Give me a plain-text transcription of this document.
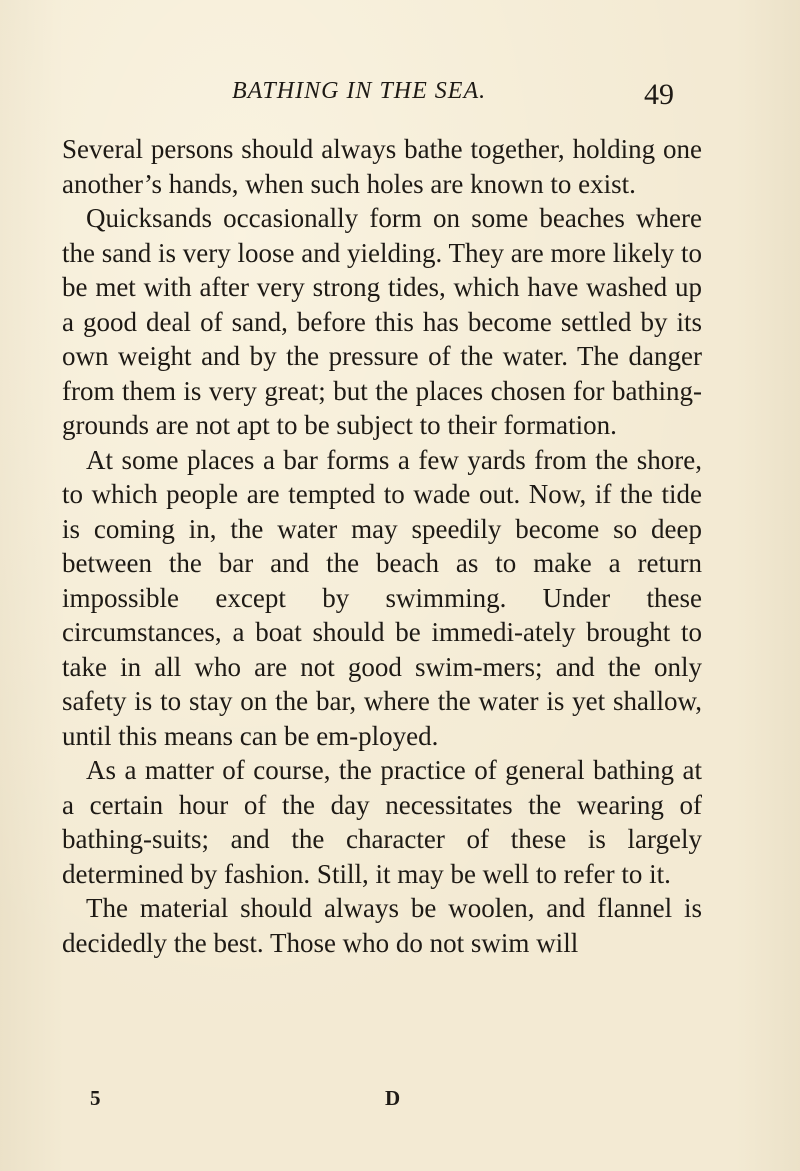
BATHING IN THE SEA.	49

Several persons should always bathe together, holding one another’s hands, when such holes are known to exist.

Quicksands occasionally form on some beaches where the sand is very loose and yielding. They are more likely to be met with after very strong tides, which have washed up a good deal of sand, before this has become settled by its own weight and by the pressure of the water. The danger from them is very great; but the places chosen for bathing-grounds are not apt to be subject to their formation.

At some places a bar forms a few yards from the shore, to which people are tempted to wade out. Now, if the tide is coming in, the water may speedily become so deep between the bar and the beach as to make a return impossible except by swimming. Under these circumstances, a boat should be immedi-ately brought to take in all who are not good swim-mers; and the only safety is to stay on the bar, where the water is yet shallow, until this means can be em-ployed.

As a matter of course, the practice of general bathing at a certain hour of the day necessitates the wearing of bathing-suits; and the character of these is largely determined by fashion. Still, it may be well to refer to it.

The material should always be woolen, and flannel is decidedly the best. Those who do not swim will

5	D
